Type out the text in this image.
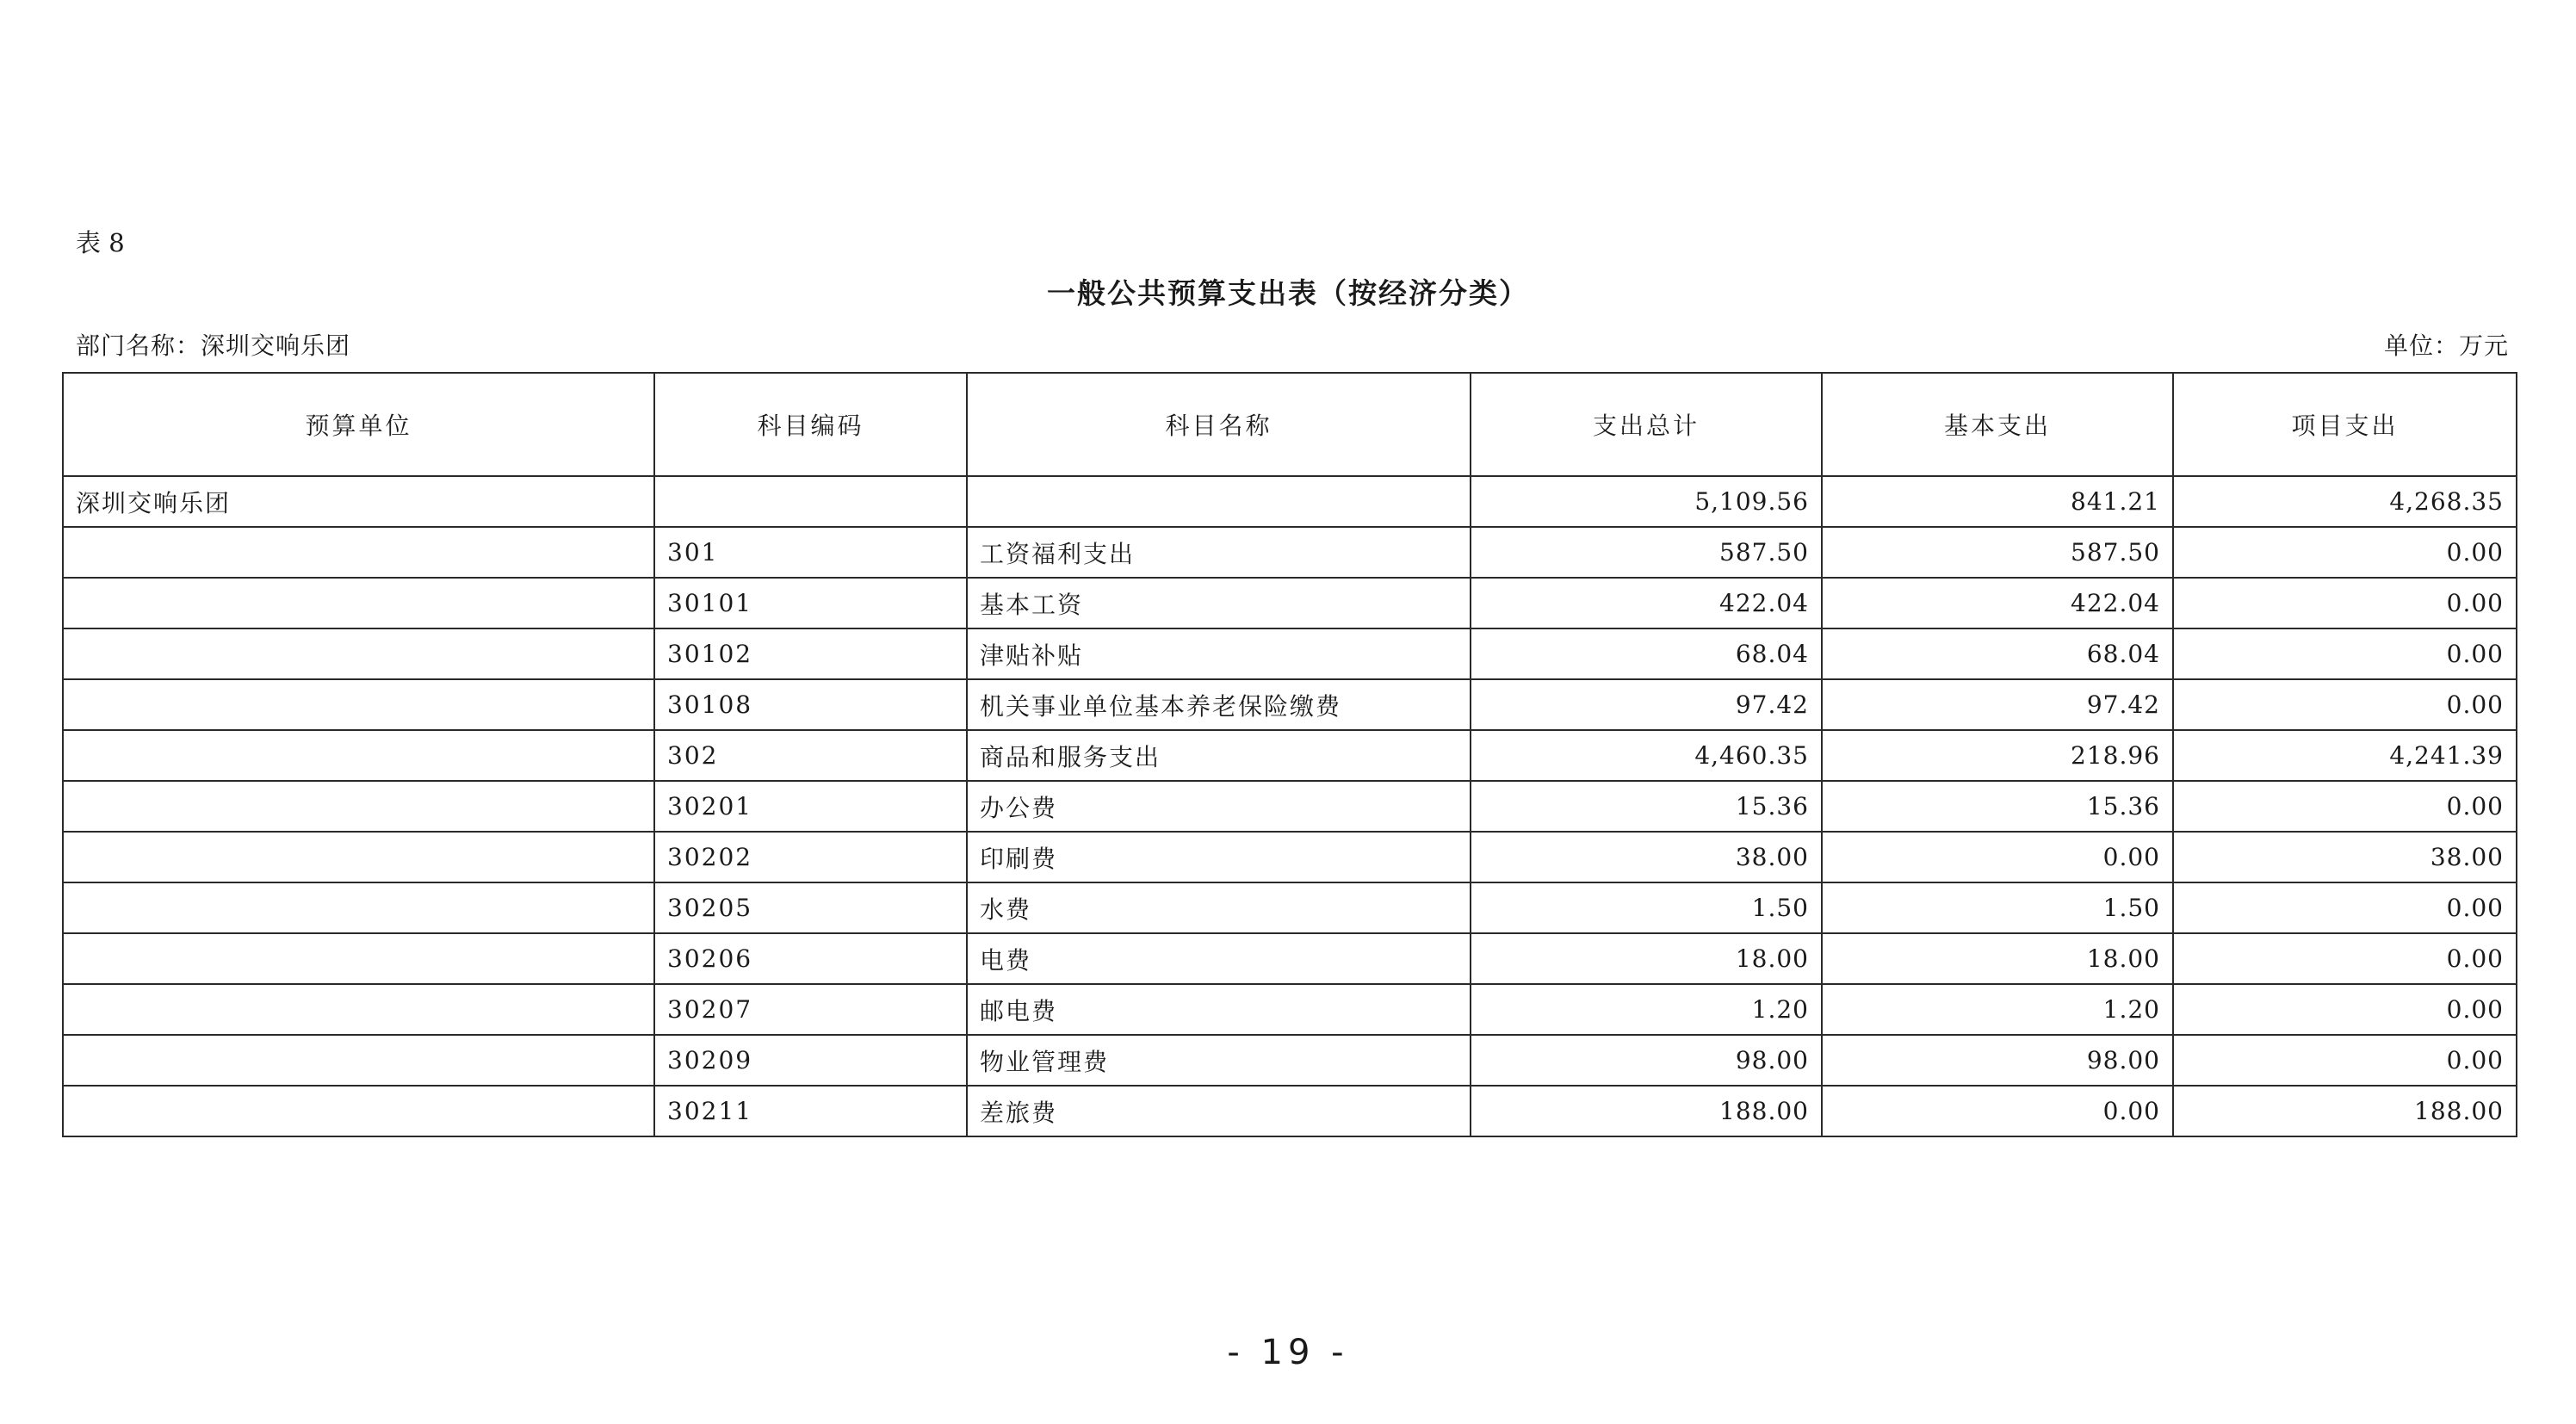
表 8
一般公共预算支出表（按经济分类）
部门名称：深圳交响乐团	单位：万元
预算单位	科目编码	科目名称	支出总计	基本支出	项目支出
深圳交响乐团			5,109.56	841.21	4,268.35
	301	工资福利支出	587.50	587.50	0.00
	30101	基本工资	422.04	422.04	0.00
	30102	津贴补贴	68.04	68.04	0.00
	30108	机关事业单位基本养老保险缴费	97.42	97.42	0.00
	302	商品和服务支出	4,460.35	218.96	4,241.39
	30201	办公费	15.36	15.36	0.00
	30202	印刷费	38.00	0.00	38.00
	30205	水费	1.50	1.50	0.00
	30206	电费	18.00	18.00	0.00
	30207	邮电费	1.20	1.20	0.00
	30209	物业管理费	98.00	98.00	0.00
	30211	差旅费	188.00	0.00	188.00
- 19 -
